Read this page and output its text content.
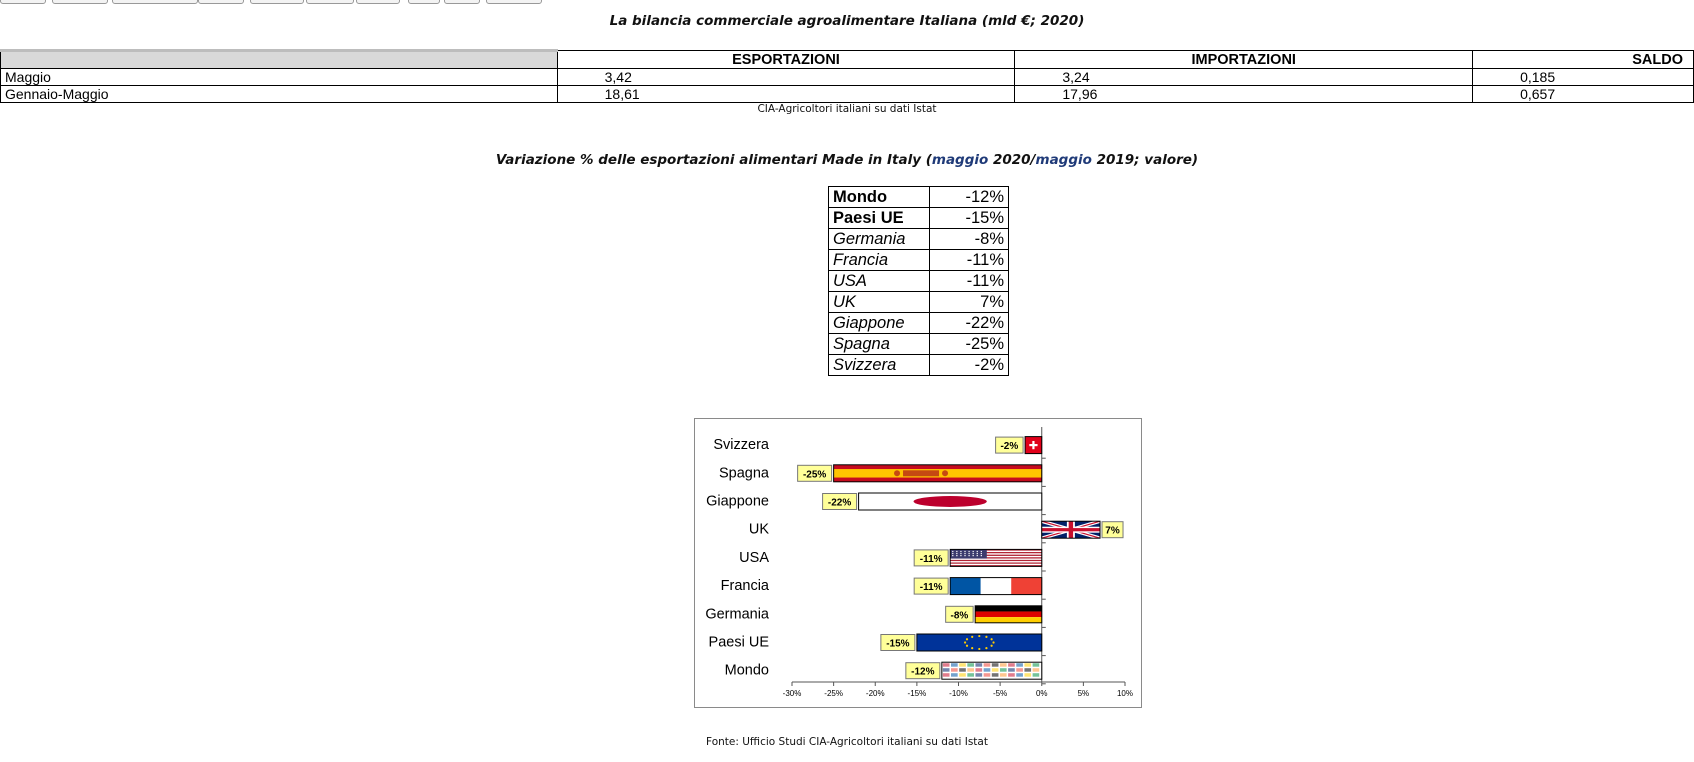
La bilancia commerciale agroalimentare Italiana (mld €; 2020)
	ESPORTAZIONI	IMPORTAZIONI	SALDO
Maggio	3,42	3,24	0,185
Gennaio-Maggio	18,61	17,96	0,657
CIA-Agricoltori italiani su dati Istat
Variazione % delle esportazioni alimentari Made in Italy (maggio 2020/maggio 2019; valore)
Mondo	-12%
Paesi UE	-15%
Germania	-8%
Francia	-11%
USA	-11%
UK	7%
Giappone	-22%
Spagna	-25%
Svizzera	-2%
-30%	-25%	-20%	-15%	-10%	-5%	0%	5%	10%
Svizzera	-2%
Spagna	-25%
Giappone	-22%
UK	7%
USA	-11%
Francia	-11%
Germania	-8%
Paesi UE	-15%
Mondo	-12%
Fonte: Ufficio Studi CIA-Agricoltori italiani su dati Istat
